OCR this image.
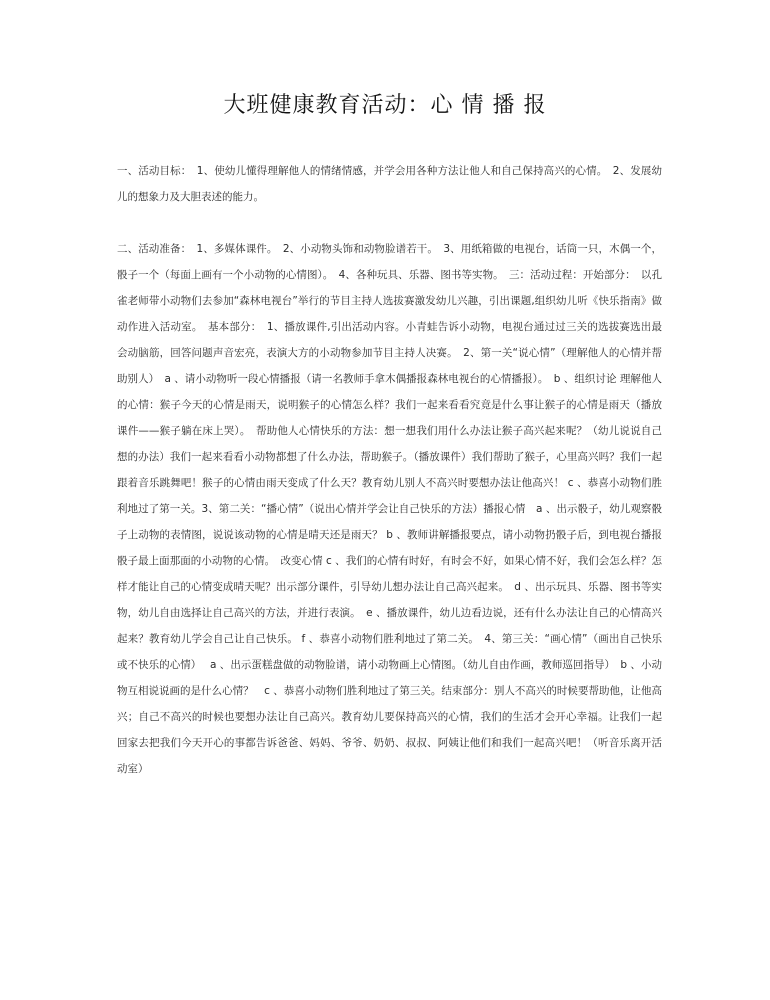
大班健康教育活动：心 情 播 报

一、活动目标：　1、使幼儿懂得理解他人的情绪情感，并学会用各种方法让他人和自己保持高兴的心情。　2、发展幼儿的想象力及大胆表述的能力。

二、活动准备：　1、多媒体课件。　2、小动物头饰和动物脸谱若干。　3、用纸箱做的电视台，话筒一只，木偶一个，骰子一个（每面上画有一个小动物的心情图）。　4、各种玩具、乐器、图书等实物。　三：活动过程：开始部分：　以孔雀老师带小动物们去参加“森林电视台”举行的节目主持人选拔赛激发幼儿兴趣，引出课题,组织幼儿听《快乐指南》做动作进入活动室。　基本部分：　1、播放课件,引出活动内容。小青蛙告诉小动物，电视台通过过三关的选拔赛选出最会动脑筋，回答问题声音宏亮，表演大方的小动物参加节目主持人决赛。　2、第一关“说心情”（理解他人的心情并帮助别人）　a 、请小动物听一段心情播报（请一名教师手拿木偶播报森林电视台的心情播报）。　b 、组织讨论 理解他人的心情：猴子今天的心情是雨天，说明猴子的心情怎么样？我们一起来看看究竟是什么事让猴子的心情是雨天（播放课件——猴子躺在床上哭）。　帮助他人心情快乐的方法：想一想我们用什么办法让猴子高兴起来呢？（幼儿说说自己想的办法）我们一起来看看小动物都想了什么办法，帮助猴子。（播放课件）我们帮助了猴子，心里高兴吗？我们一起跟着音乐跳舞吧！猴子的心情由雨天变成了什么天？教育幼儿别人不高兴时要想办法让他高兴！ c 、恭喜小动物们胜利地过了第一关。3、第二关：“播心情”（说出心情并学会让自己快乐的方法）播报心情　a 、出示骰子，幼儿观察骰子上动物的表情图，说说该动物的心情是晴天还是雨天？ b 、教师讲解播报要点，请小动物扔骰子后，到电视台播报骰子最上面那面的小动物的心情。　改变心情 c 、我们的心情有时好，有时会不好，如果心情不好，我们会怎么样？怎样才能让自己的心情变成晴天呢？出示部分课件，引导幼儿想办法让自己高兴起来。　d 、出示玩具、乐器、图书等实物，幼儿自由选择让自己高兴的方法，并进行表演。　e 、播放课件，幼儿边看边说，还有什么办法让自己的心情高兴起来？教育幼儿学会自己让自己快乐。 f 、恭喜小动物们胜利地过了第二关。　4、第三关：“画心情”（画出自己快乐或不快乐的心情）　 a 、出示蛋糕盘做的动物脸谱，请小动物画上心情图。（幼儿自由作画，教师巡回指导）　b 、小动物互相说说画的是什么心情？　c 、恭喜小动物们胜利地过了第三关。结束部分：别人不高兴的时候要帮助他，让他高兴；自己不高兴的时候也要想办法让自己高兴。教育幼儿要保持高兴的心情，我们的生活才会开心幸福。让我们一起回家去把我们今天开心的事都告诉爸爸、妈妈、爷爷、奶奶、叔叔、阿姨让他们和我们一起高兴吧！（听音乐离开活动室）
